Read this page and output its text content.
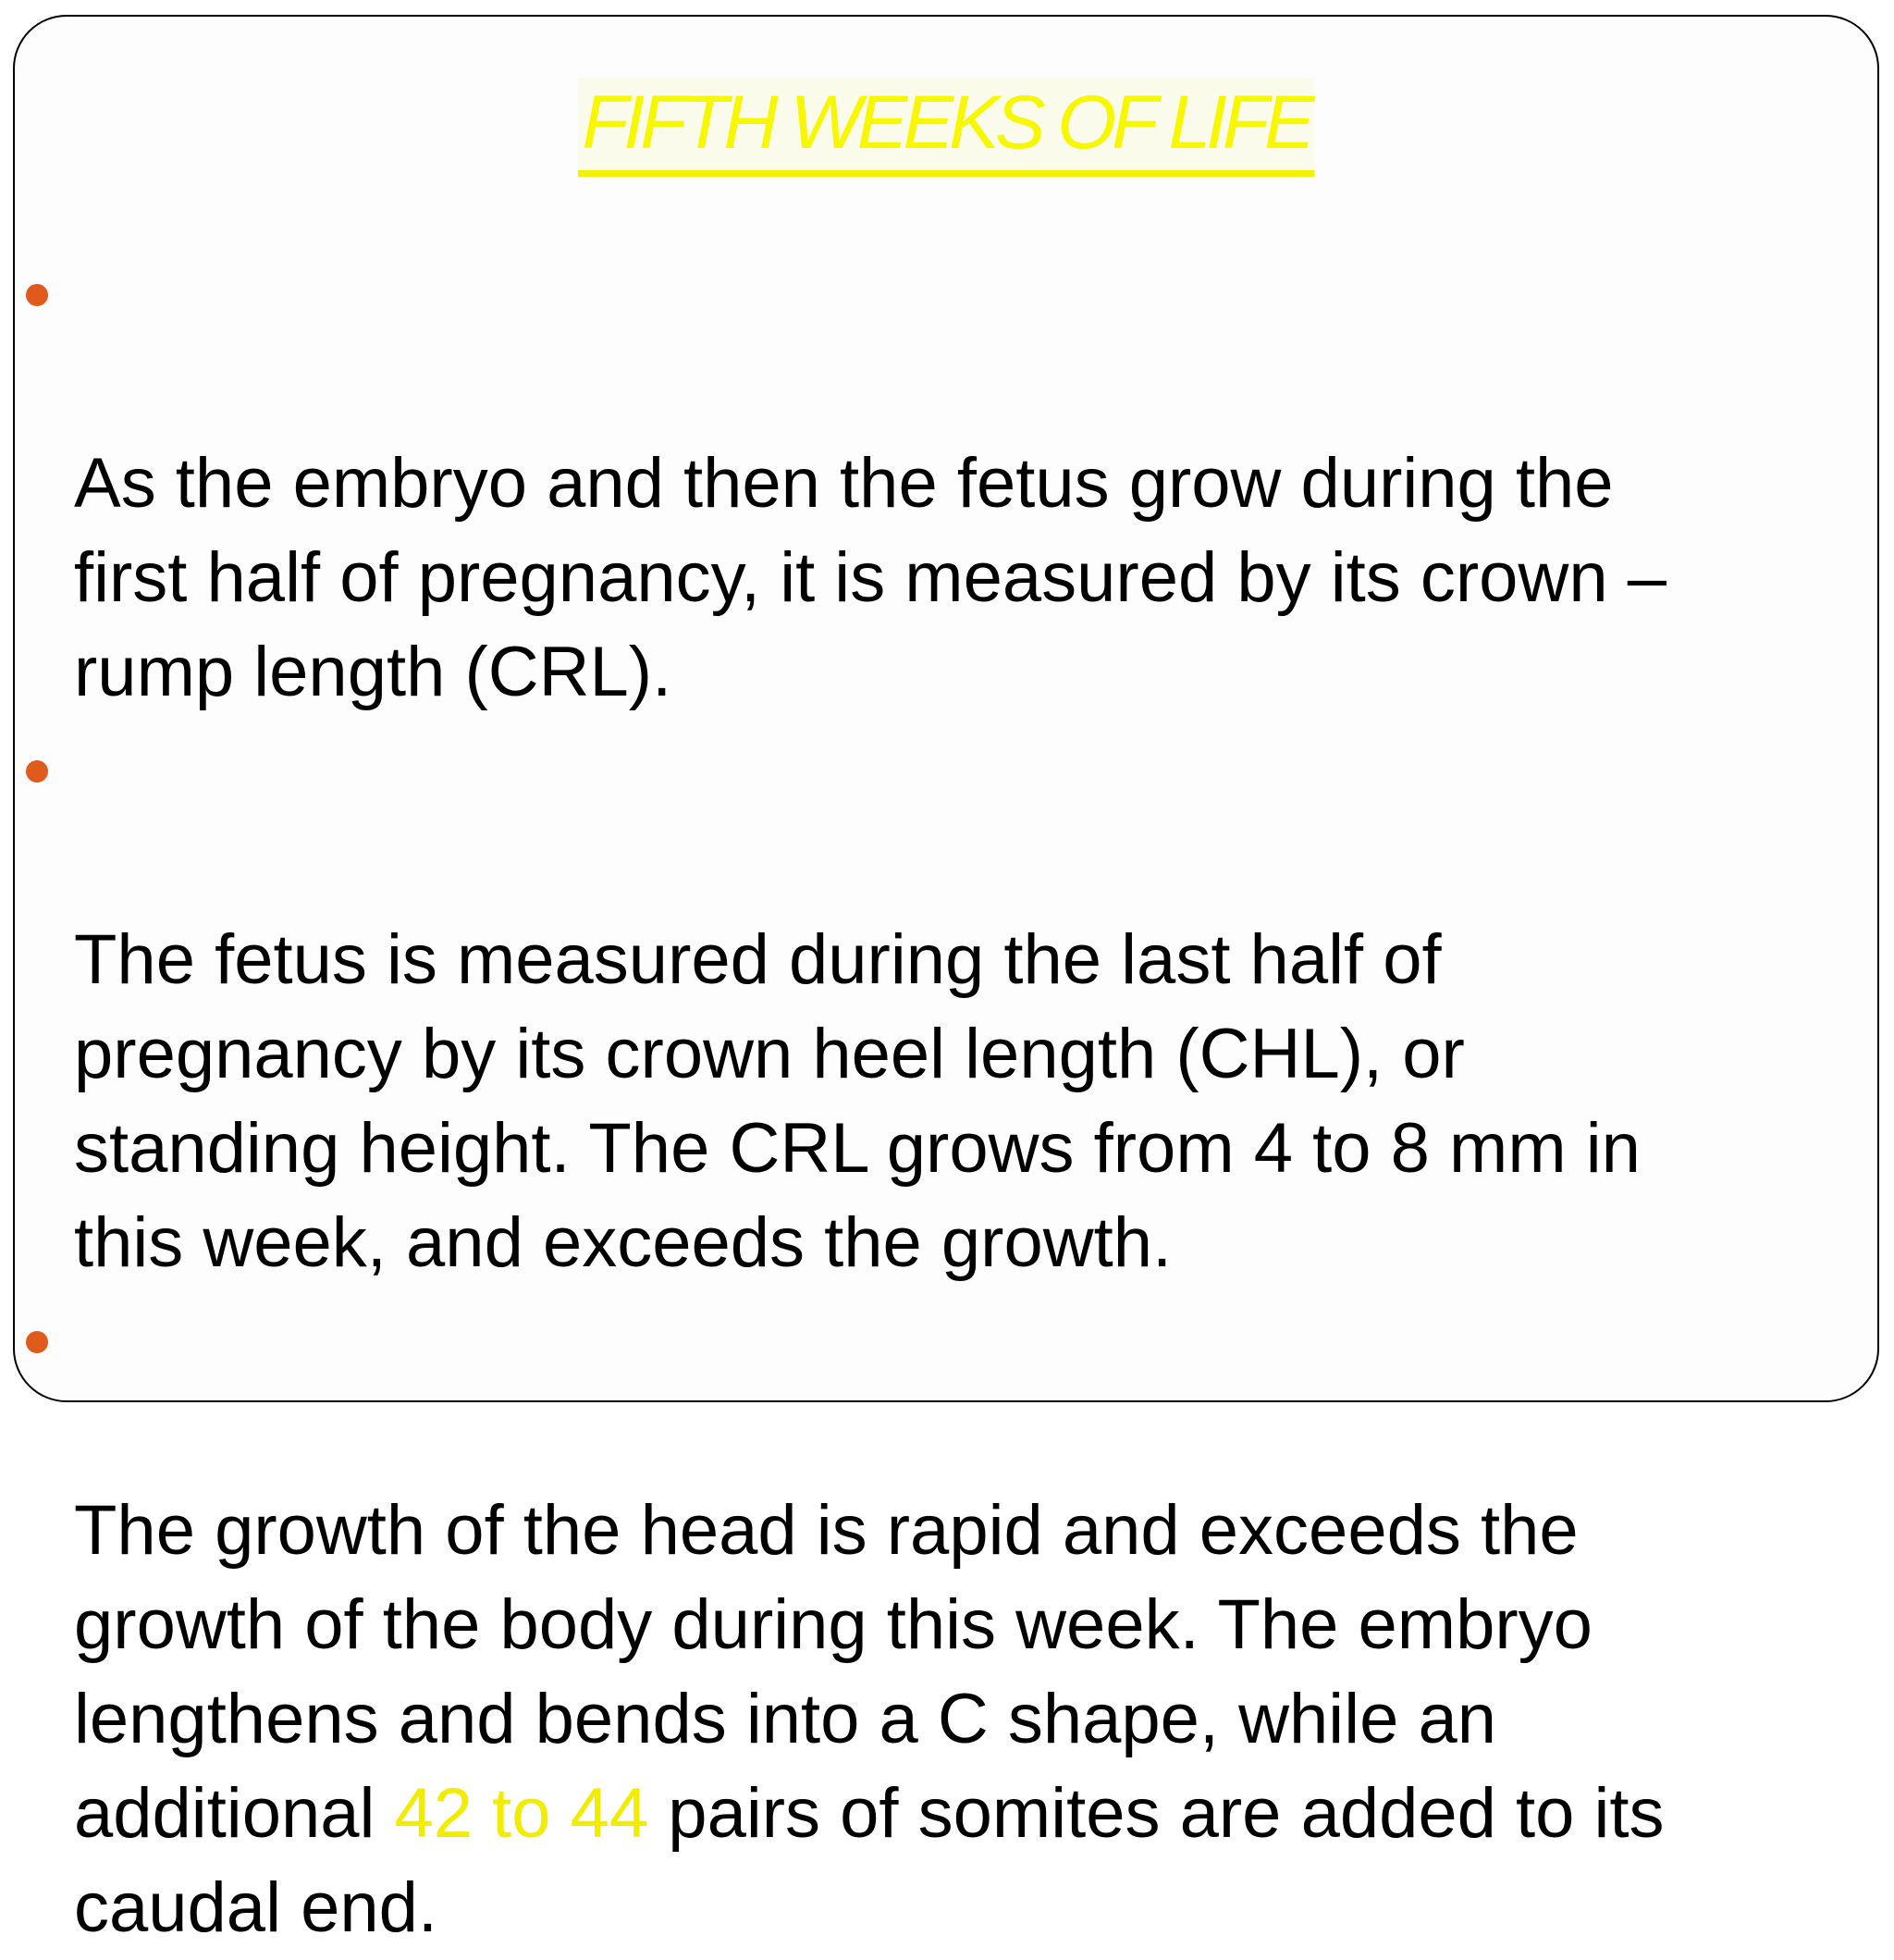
FIFTH WEEKS OF LIFE

As the embryo and then the fetus grow during the
first half of pregnancy, it is measured by its crown –
rump length (CRL).

The fetus is measured during the last half of
pregnancy by its crown heel length (CHL), or
standing height. The CRL grows from 4 to 8 mm in
this week, and exceeds the growth.

The growth of the head is rapid and exceeds the
growth of the body during this week. The embryo
lengthens and bends into a C shape, while an
additional 42 to 44 pairs of somites are added to its
caudal end.
